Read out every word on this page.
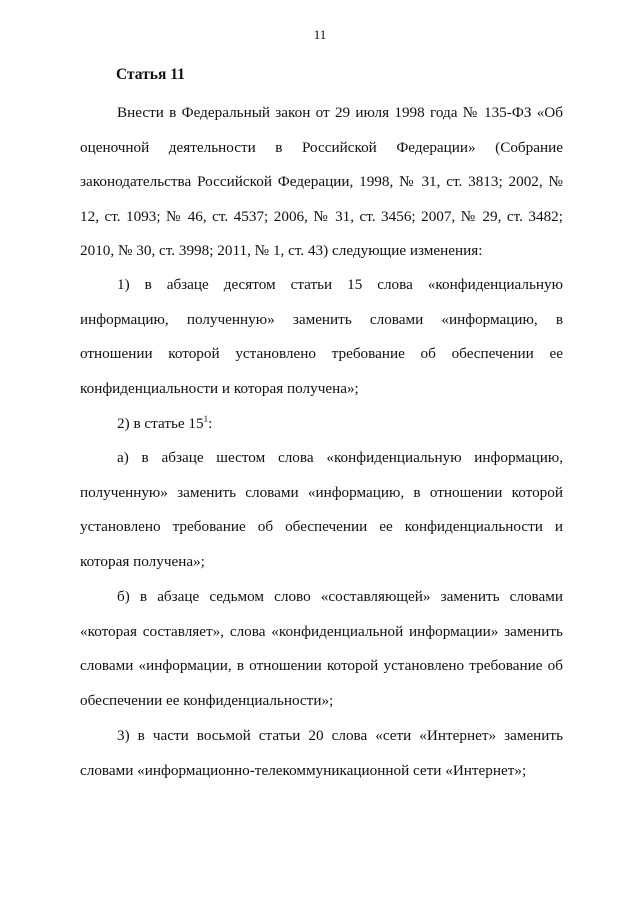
11
Статья 11
Внести в Федеральный закон от 29 июля 1998 года № 135-ФЗ «Об оценочной деятельности в Российской Федерации» (Собрание законодательства Российской Федерации, 1998, № 31, ст. 3813; 2002, № 12, ст. 1093; № 46, ст. 4537; 2006, № 31, ст. 3456; 2007, № 29, ст. 3482; 2010, № 30, ст. 3998; 2011, № 1, ст. 43) следующие изменения:
1) в абзаце десятом статьи 15 слова «конфиденциальную информацию, полученную» заменить словами «информацию, в отношении которой установлено требование об обеспечении ее конфиденциальности и которая получена»;
2) в статье $15^1$:
а) в абзаце шестом слова «конфиденциальную информацию, полученную» заменить словами «информацию, в отношении которой установлено требование об обеспечении ее конфиденциальности и которая получена»;
б) в абзаце седьмом слово «составляющей» заменить словами «которая составляет», слова «конфиденциальной информации» заменить словами «информации, в отношении которой установлено требование об обеспечении ее конфиденциальности»;
3) в части восьмой статьи 20 слова «сети «Интернет» заменить словами «информационно-телекоммуникационной сети «Интернет»;
